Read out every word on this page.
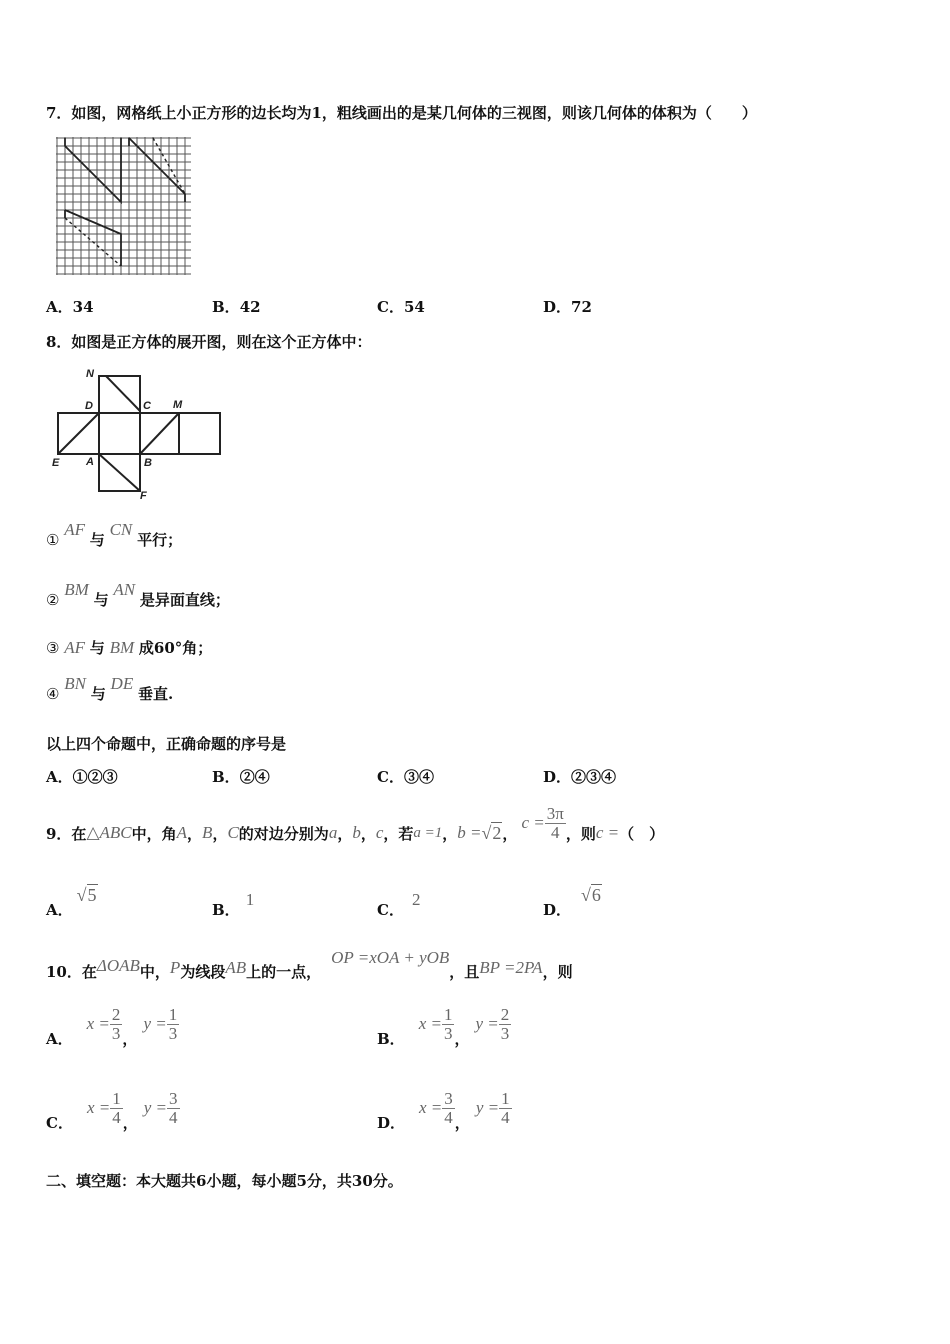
7．如图，网格纸上小正方形的边长均为1，粗线画出的是某几何体的三视图，则该几何体的体积为（　　）
A．34	B．42	C．54	D．72
8．如图是正方体的展开图，则在这个正方体中：
N
D	C M
E A	B
F
① AF 与 CN 平行；
② BM 与 AN 是异面直线；
③ AF 与 BM 成60°角；
④ BN 与 DE 垂直.
以上四个命题中，正确命题的序号是
A．①②③	B．②④	C．③④	D．②③④
9．在 △ABC 中，角 A ， B ， C 的对边分别为 a ， b ， c ，若 a =1 ， b = √2 ，
$c = \frac{3\pi}{4}$ ，则 c = （　）
A．
√5
B．
1
C．
2
D．
√6
10．在 ΔOAB 中， P 为线段 AB 上的一点，
OP =xOA + yOB
，且 BP =2PA ，则
A．
$x = \frac{2}{3}$ ，
$y = \frac{1}{3}$	B．
$x = \frac{1}{3}$ ，
$y = \frac{2}{3}$
C．
$x = \frac{1}{4}$ ，
$y = \frac{3}{4}$	D．
$x = \frac{3}{4}$ ，
$y = \frac{1}{4}$
二、填空题：本大题共6小题，每小题5分，共30分。
